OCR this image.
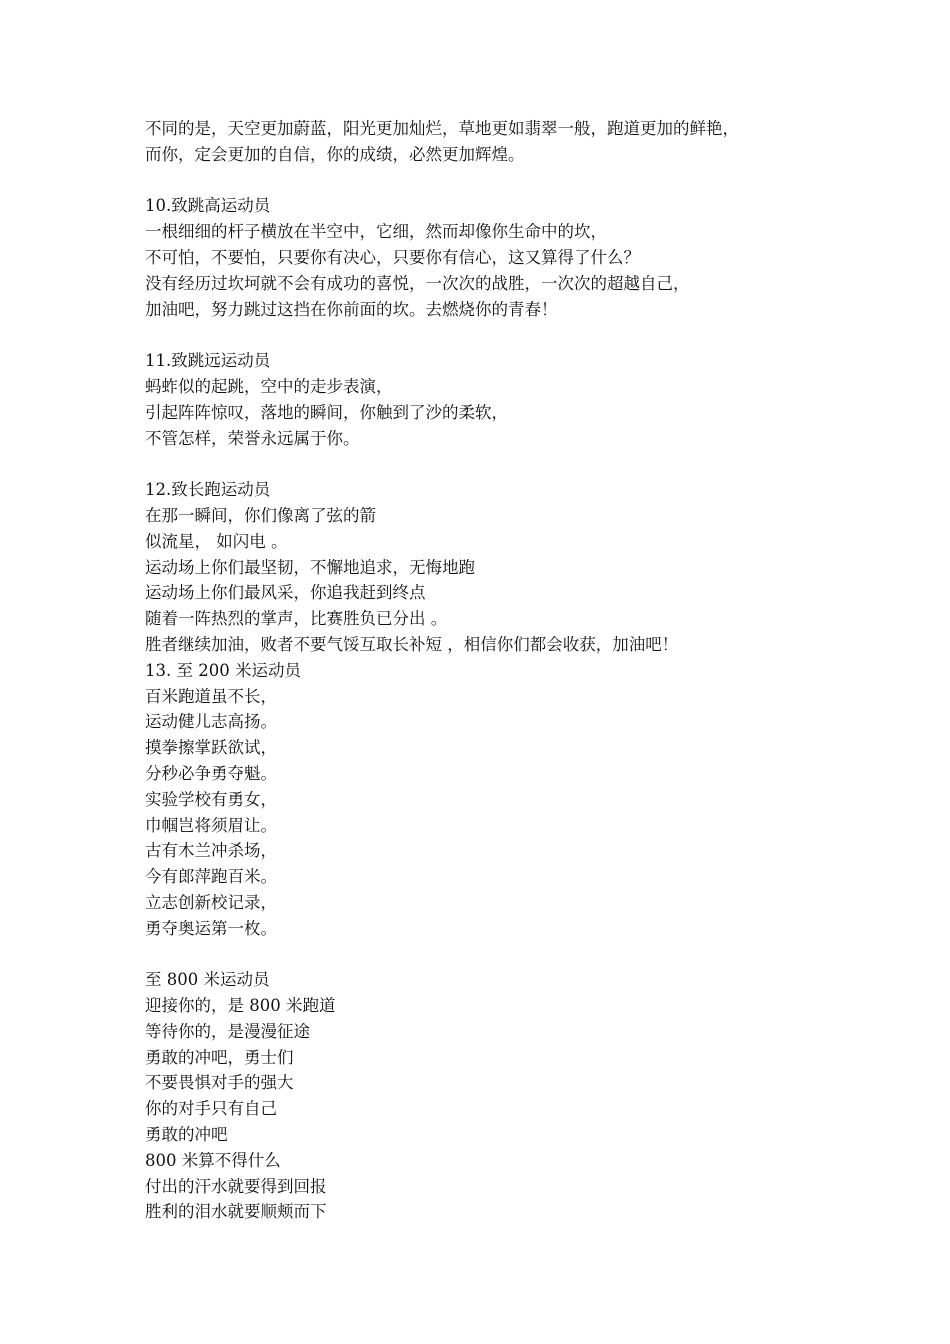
不同的是，天空更加蔚蓝，阳光更加灿烂，草地更如翡翠一般，跑道更加的鲜艳，
而你，定会更加的自信，你的成绩，必然更加辉煌。
10.致跳高运动员
一根细细的杆子横放在半空中，它细，然而却像你生命中的坎，
不可怕，不要怕，只要你有决心，只要你有信心，这又算得了什么？
没有经历过坎坷就不会有成功的喜悦，一次次的战胜，一次次的超越自己，
加油吧，努力跳过这挡在你前面的坎。去燃烧你的青春！
11.致跳远运动员
蚂蚱似的起跳，空中的走步表演，
引起阵阵惊叹，落地的瞬间，你触到了沙的柔软，
不管怎样，荣誉永远属于你。
12.致长跑运动员
在那一瞬间，你们像离了弦的箭
似流星， 如闪电 。
运动场上你们最坚韧，不懈地追求，无悔地跑
运动场上你们最风采，你追我赶到终点
随着一阵热烈的掌声，比赛胜负已分出 。
胜者继续加油，败者不要气馁互取长补短 ，相信你们都会收获，加油吧！
13. 至 200 米运动员
百米跑道虽不长，
运动健儿志高扬。
摸拳擦掌跃欲试，
分秒必争勇夺魁。
实验学校有勇女，
巾帼岂将须眉让。
古有木兰冲杀场，
今有郎萍跑百米。
立志创新校记录，
勇夺奥运第一枚。
至 800 米运动员
迎接你的，是 800 米跑道
等待你的，是漫漫征途
勇敢的冲吧，勇士们
不要畏惧对手的强大
你的对手只有自己
勇敢的冲吧
800 米算不得什么
付出的汗水就要得到回报
胜利的泪水就要顺颊而下
